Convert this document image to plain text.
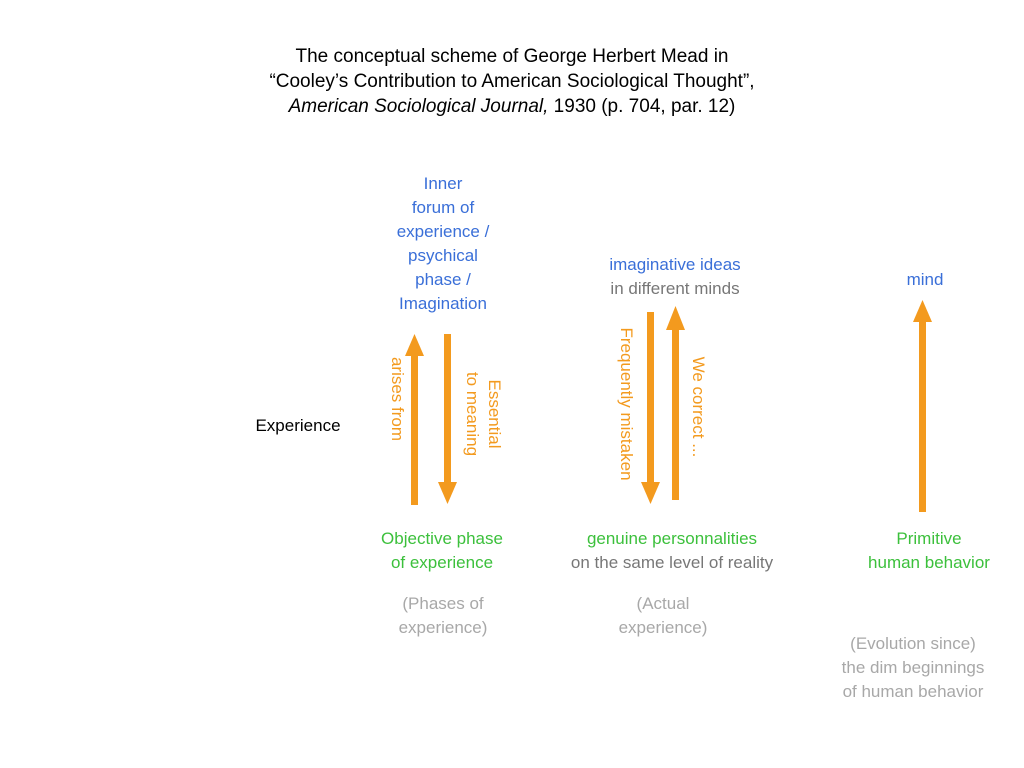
The conceptual scheme of George Herbert Mead in
“Cooley’s Contribution to American Sociological Thought”,
American Sociological Journal, 1930 (p. 704, par. 12)
Experience
Inner
forum of
experience /
psychical
phase /
Imagination
arises from	Essential
to meaning
Objective phase
of experience
(Phases of
experience)
imaginative ideas
in different minds
Frequently mistaken	We correct ...
genuine personnalities
on the same level of reality
(Actual
experience)
mind
Primitive
human behavior
(Evolution since)
the dim beginnings
of human behavior
